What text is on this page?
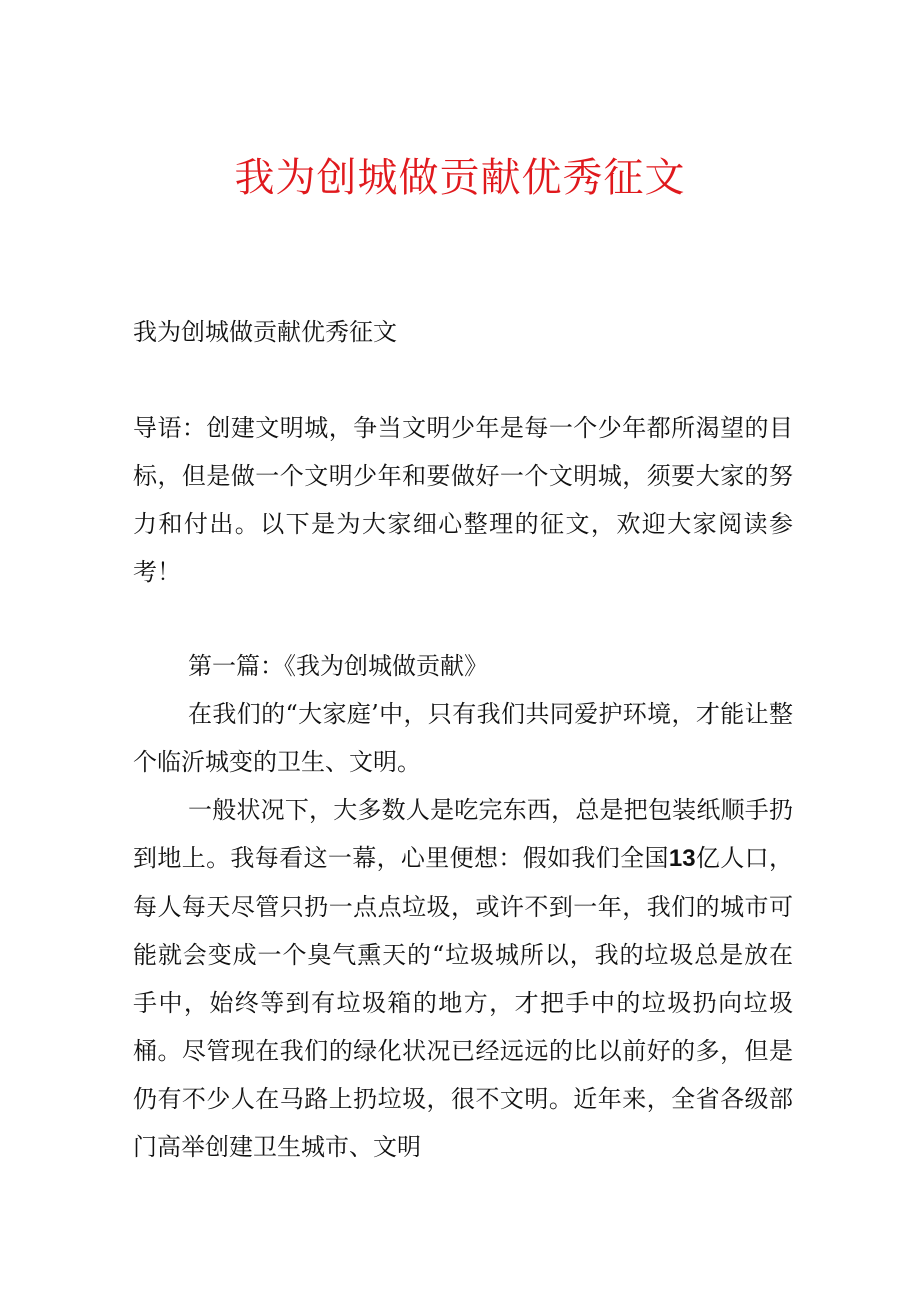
我为创城做贡献优秀征文

我为创城做贡献优秀征文

导语：创建文明城，争当文明少年是每一个少年都所渴望的目标，但是做一个文明少年和要做好一个文明城，须要大家的努力和付出。以下是为大家细心整理的征文，欢迎大家阅读参考！

第一篇：《我为创城做贡献》

在我们的“大家庭’中，只有我们共同爱护环境，才能让整个临沂城变的卫生、文明。

一般状况下，大多数人是吃完东西，总是把包装纸顺手扔到地上。我每看这一幕，心里便想：假如我们全国13亿人口，每人每天尽管只扔一点点垃圾，或许不到一年，我们的城市可能就会变成一个臭气熏天的“垃圾城所以，我的垃圾总是放在手中，始终等到有垃圾箱的地方，才把手中的垃圾扔向垃圾桶。尽管现在我们的绿化状况已经远远的比以前好的多，但是仍有不少人在马路上扔垃圾，很不文明。近年来，全省各级部门高举创建卫生城市、文明
